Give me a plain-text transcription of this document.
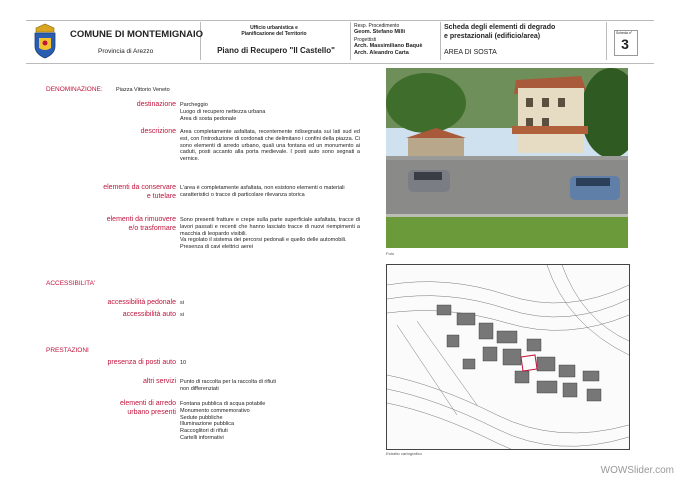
COMUNE DI MONTEMIGNAIO
Provincia di Arezzo
Ufficio urbanistica e
Pianificazione del Territorio
Piano di Recupero "Il Castello"
Resp. Procedimento
Geom. Stefano Milli
Progettisti
Arch. Massimiliano Baquè
Arch. Aleandro Carta
Scheda degli elementi di degrado
e prestazionali (edificio/area)
AREA DI SOSTA
Scheda n°
3
DENOMINAZIONE: Piazza Vittorio Veneto
destinazione Parcheggio
Luogo di recupero nettezza urbana
Area di sosta pedonale
descrizione Area completamente asfaltata, recentemente ridisegnata sui lati sud ed est, con l'introduzione di cordonati che delimitano i confini della piazza. Ci sono elementi di arredo urbano, quali una fontana ed un monumento ai caduti, posti accanto alla porta medievale. I posti auto sono segnati a vernice.
elementi da conservare
e tutelare
L'area è completamente asfaltata, non esistono elementi o materiali caratteristici o tracce di particolare rilevanza storica
elementi da rimuovere
e/o trasformare
Sono presenti fratture e crepe sulla parte superficiale asfaltata, tracce di lavori passati e recenti che hanno lasciato tracce di nuovi riempimenti a macchia di leopardo visibili.
Va regolato il sistema dei percorsi pedonali e quello delle automobili.
Presenza di cavi elettrici aerei
ACCESSIBILITA'
accessibilità pedonale si
accessibilità auto si
PRESTAZIONI
presenza di posti auto 10
altri servizi Punto di raccolta per la raccolta di rifiuti
non differenziati
elementi di arredo
urbano presenti
Fontana pubblica di acqua potabile
Monumento commemorativo
Sedute pubbliche
Illuminazione pubblica
Raccoglitori di rifiuti
Cartelli informativi
Foto
Estratto cartografico
WOWSlider.com
